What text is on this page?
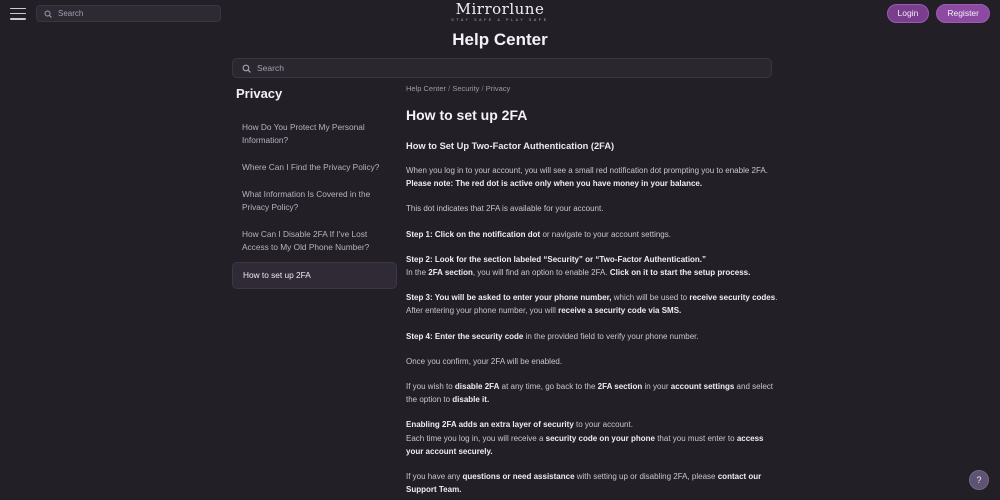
Search	Mirrorlune
STAY SAFE & PLAY SAFE
Login	Register
Help Center
Search
Privacy
How Do You Protect My Personal Information?
Where Can I Find the Privacy Policy?
What Information Is Covered in the Privacy Policy?
How Can I Disable 2FA If I've Lost Access to My Old Phone Number?
How to set up 2FA
Help Center / Security / Privacy
How to set up 2FA
How to Set Up Two-Factor Authentication (2FA)

When you log in to your account, you will see a small red notification dot prompting you to enable 2FA.
Please note: The red dot is active only when you have money in your balance.

This dot indicates that 2FA is available for your account.

Step 1: Click on the notification dot or navigate to your account settings.

Step 2: Look for the section labeled “Security” or “Two-Factor Authentication.”
In the 2FA section, you will find an option to enable 2FA. Click on it to start the setup process.

Step 3: You will be asked to enter your phone number, which will be used to receive security codes. After entering your phone number, you will receive a security code via SMS.

Step 4: Enter the security code in the provided field to verify your phone number.

Once you confirm, your 2FA will be enabled.

If you wish to disable 2FA at any time, go back to the 2FA section in your account settings and select the option to disable it.

Enabling 2FA adds an extra layer of security to your account.
Each time you log in, you will receive a security code on your phone that you must enter to access your account securely.

If you have any questions or need assistance with setting up or disabling 2FA, please contact our Support Team.

?
